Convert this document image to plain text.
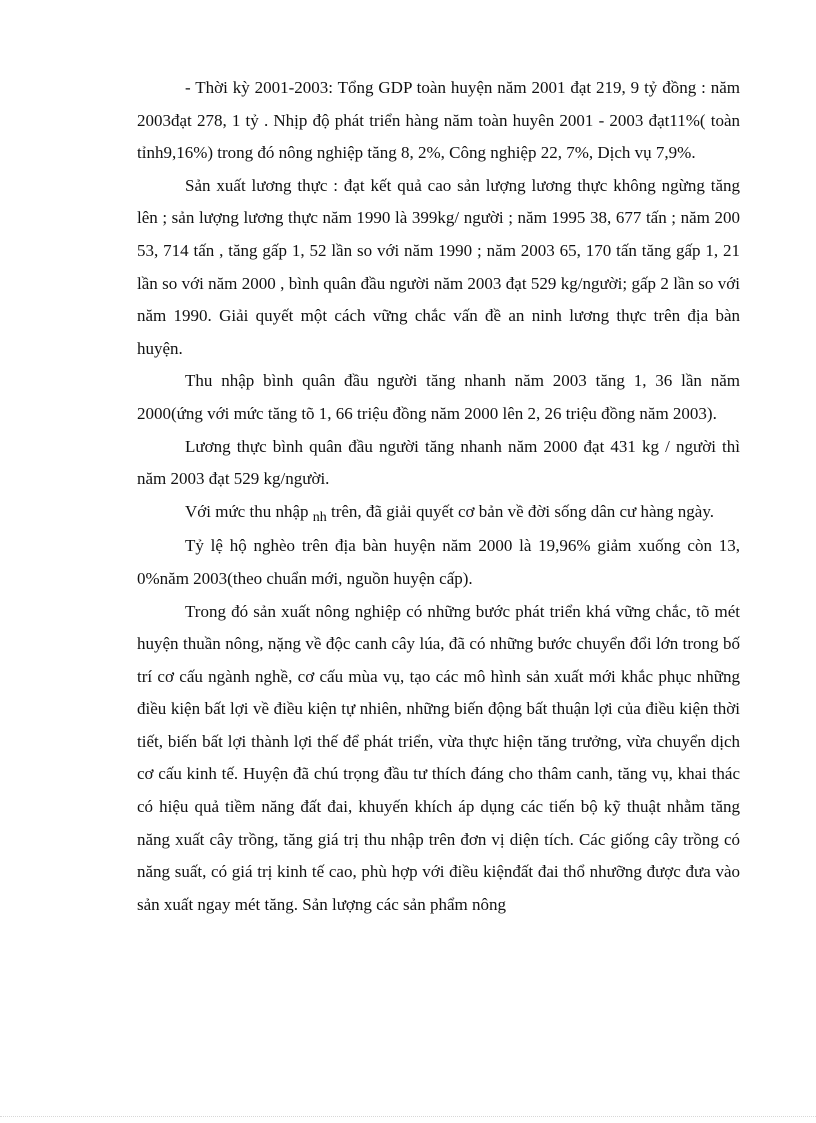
- Thời kỳ 2001-2003: Tổng GDP toàn huyện năm 2001 đạt 219, 9 tỷ đồng : năm 2003đạt 278, 1 tỷ . Nhịp độ phát triển hàng năm toàn huyên 2001 - 2003 đạt11%( toàn tỉnh9,16%) trong đó nông nghiệp tăng 8, 2%, Công nghiệp 22, 7%, Dịch vụ 7,9%.

Sản xuất lương thực : đạt kết quả cao sản lượng lương thực không ngừng tăng lên ; sản lượng lương thực năm 1990 là 399kg/ người ; năm 1995 38, 677 tấn ; năm 200 53, 714 tấn , tăng gấp 1, 52 lần so với năm 1990 ; năm 2003 65, 170 tấn tăng gấp 1, 21 lần so với năm 2000 , bình quân đầu người năm 2003 đạt 529 kg/người; gấp 2 lần so với năm 1990. Giải quyết một cách vững chắc vấn đề an ninh lương thực trên địa bàn huyện.

Thu nhập bình quân đầu người tăng nhanh năm 2003 tăng 1, 36 lần năm 2000(ứng với mức tăng tõ 1, 66 triệu đồng năm 2000 lên 2, 26 triệu đồng năm 2003).

Lương thực bình quân đầu người tăng nhanh năm 2000 đạt 431 kg / người thì năm 2003 đạt 529 kg/người.

Với mức thu nhập $_{nh}$ trên, đã giải quyết cơ bản về đời sống dân cư hàng ngày.

Tỷ lệ hộ nghèo trên địa bàn huyện năm 2000 là 19,96% giảm xuống còn 13, 0%năm 2003(theo chuẩn mới, nguồn huyện cấp).

Trong đó sản xuất nông nghiệp có những bước phát triển khá vững chắc, tõ mét huyện thuần nông, nặng về độc canh cây lúa, đã có những bước chuyển đổi lớn trong bố trí cơ cấu ngành nghề, cơ cấu mùa vụ, tạo các mô hình sản xuất mới khắc phục những điều kiện bất lợi về điều kiện tự nhiên, những biến động bất thuận lợi của điều kiện thời tiết, biến bất lợi thành lợi thế để phát triển, vừa thực hiện tăng trưởng, vừa chuyển dịch cơ cấu kinh tế. Huyện đã chú trọng đầu tư thích đáng cho thâm canh, tăng vụ, khai thác có hiệu quả tiềm năng đất đai, khuyến khích áp dụng các tiến bộ kỹ thuật nhằm tăng năng xuất cây trồng, tăng giá trị thu nhập trên đơn vị diện tích. Các giống cây trồng có năng suất, có giá trị kinh tế cao, phù hợp với điều kiệnđất đai thổ nhưỡng được đưa vào sản xuất ngay mét tăng. Sản lượng các sản phẩm nông
